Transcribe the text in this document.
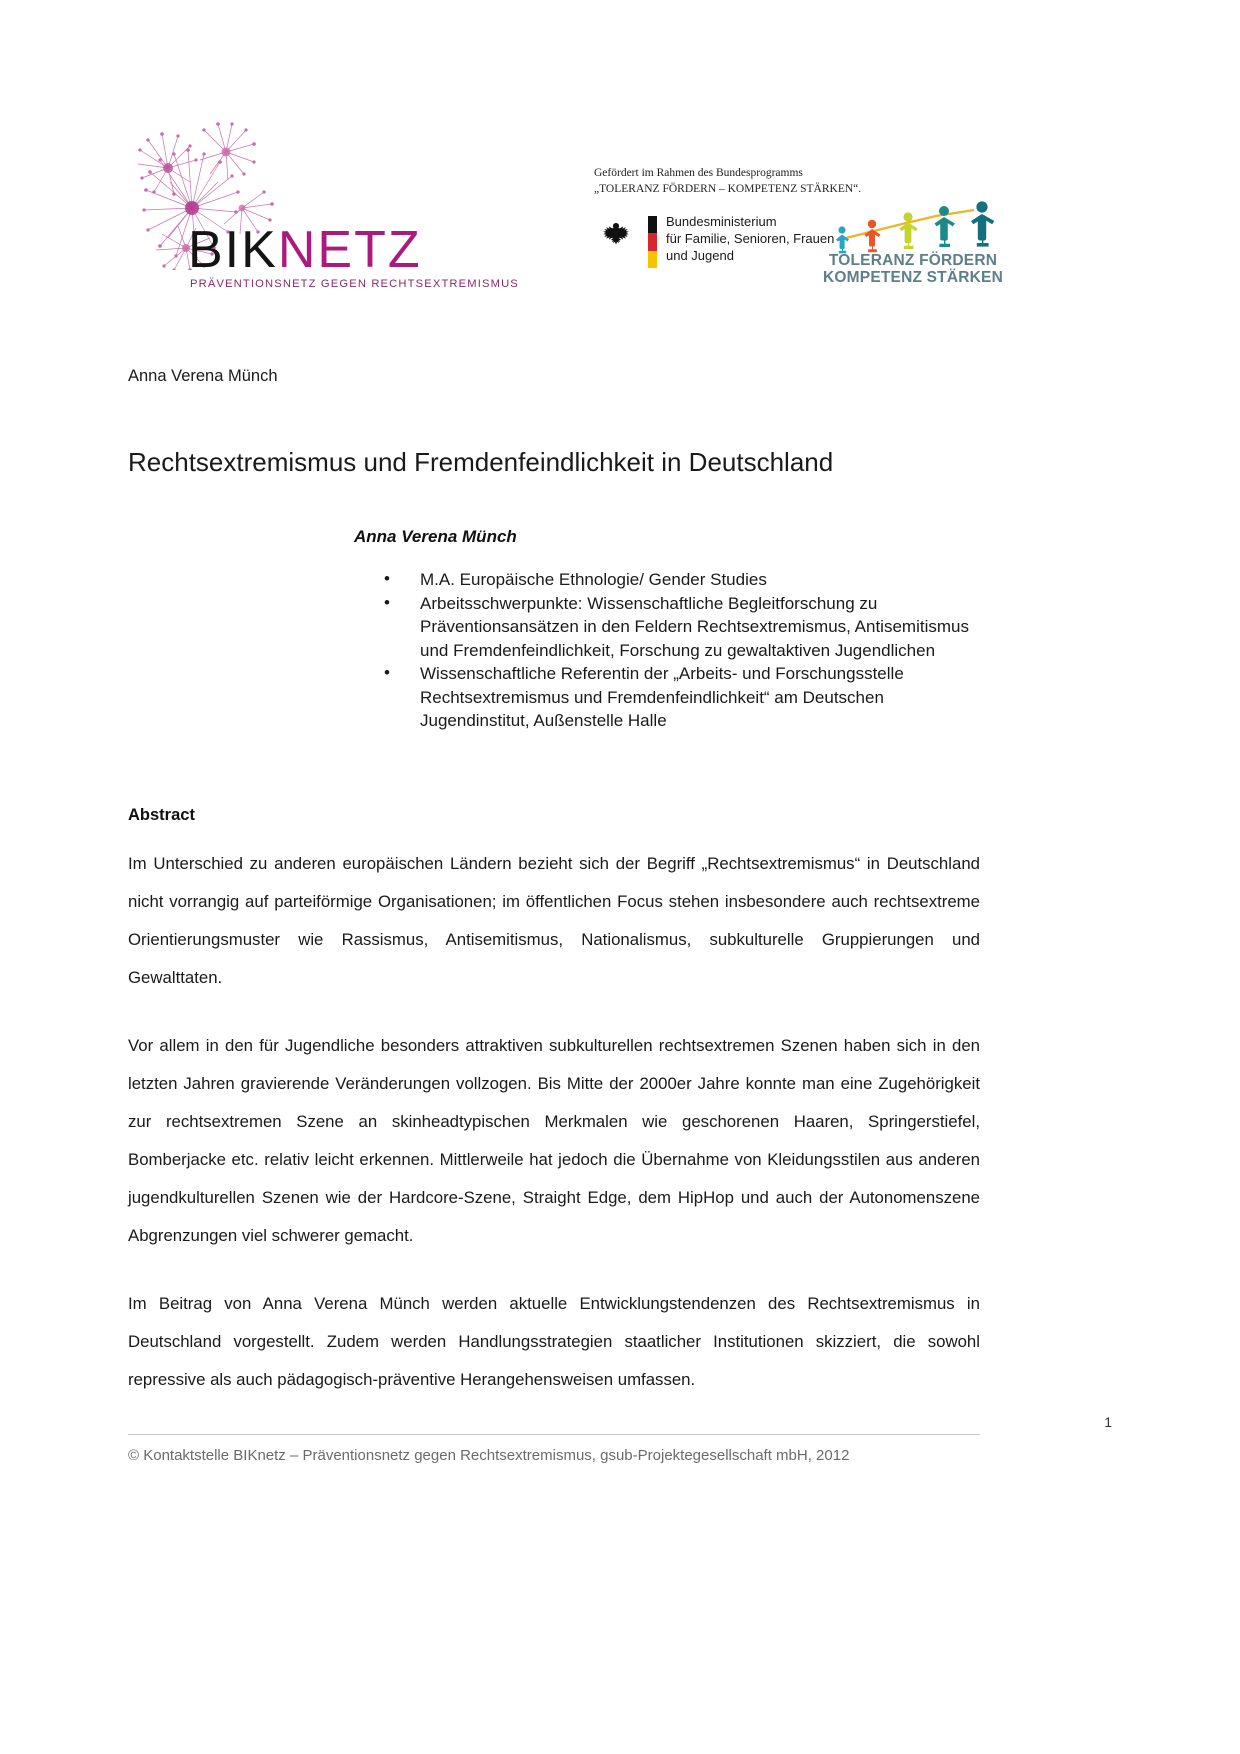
BIKNETZ
PRÄVENTIONSNETZ GEGEN RECHTSEXTREMISMUS
Gefördert im Rahmen des Bundesprogramms
„TOLERANZ FÖRDERN – KOMPETENZ STÄRKEN“.
Bundesministerium
für Familie, Senioren, Frauen
und Jugend	TOLERANZ FÖRDERN
KOMPETENZ STÄRKEN
Anna Verena Münch
Rechtsextremismus und Fremdenfeindlichkeit in Deutschland
Anna Verena Münch
• M.A. Europäische Ethnologie/ Gender Studies
• Arbeitsschwerpunkte: Wissenschaftliche Begleitforschung zu Präventionsansätzen in den Feldern Rechtsextremismus, Antisemitismus und Fremdenfeindlichkeit, Forschung zu gewaltaktiven Jugendlichen
• Wissenschaftliche Referentin der „Arbeits- und Forschungsstelle Rechtsextremismus und Fremdenfeindlichkeit“ am Deutschen Jugendinstitut, Außenstelle Halle
Abstract

Im Unterschied zu anderen europäischen Ländern bezieht sich der Begriff „Rechtsextremismus“ in Deutschland nicht vorrangig auf parteiförmige Organisationen; im öffentlichen Focus stehen insbesondere auch rechtsextreme Orientierungsmuster wie Rassismus, Antisemitismus, Nationalismus, subkulturelle Gruppierungen und Gewalttaten.

Vor allem in den für Jugendliche besonders attraktiven subkulturellen rechtsextremen Szenen haben sich in den letzten Jahren gravierende Veränderungen vollzogen. Bis Mitte der 2000er Jahre konnte man eine Zugehörigkeit zur rechtsextremen Szene an skinheadtypischen Merkmalen wie geschorenen Haaren, Springerstiefel, Bomberjacke etc. relativ leicht erkennen. Mittlerweile hat jedoch die Übernahme von Kleidungsstilen aus anderen jugendkulturellen Szenen wie der Hardcore-Szene, Straight Edge, dem HipHop und auch der Autonomenszene Abgrenzungen viel schwerer gemacht.

Im Beitrag von Anna Verena Münch werden aktuelle Entwicklungstendenzen des Rechtsextremismus in Deutschland vorgestellt. Zudem werden Handlungsstrategien staatlicher Institutionen skizziert, die sowohl repressive als auch pädagogisch-präventive Herangehensweisen umfassen.

1
© Kontaktstelle BIKnetz – Präventionsnetz gegen Rechtsextremismus, gsub-Projektegesellschaft mbH, 2012
